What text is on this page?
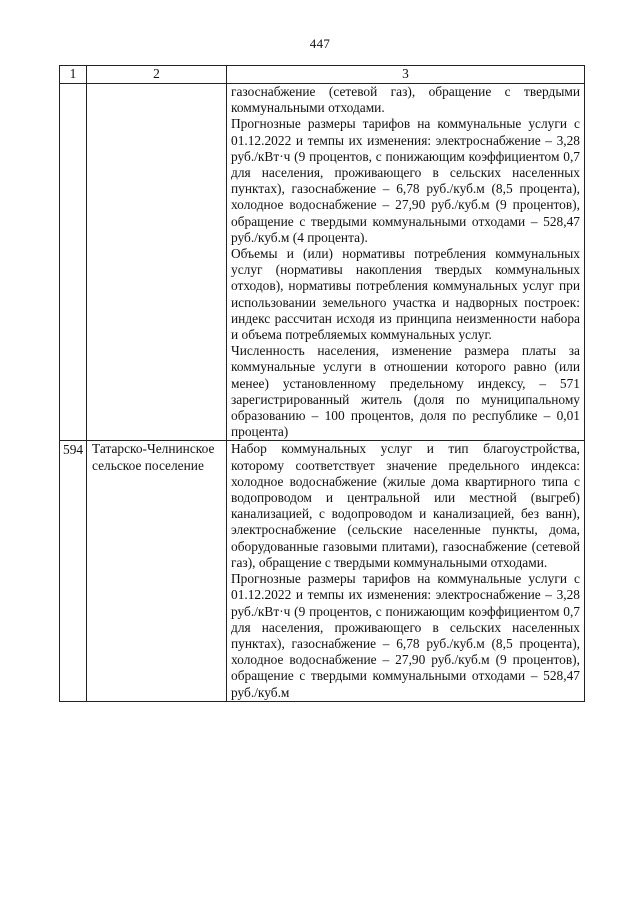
447
1	2	3

		газоснабжение (сетевой газ), обращение с твердыми коммунальными отходами.
Прогнозные размеры тарифов на коммунальные услуги с 01.12.2022 и темпы их изменения: электроснабжение – 3,28 руб./кВт·ч (9 процентов, с понижающим коэффициентом 0,7 для населения, проживающего в сельских населенных пунктах), газоснабжение – 6,78 руб./куб.м (8,5 процента), холодное водоснабжение – 27,90 руб./куб.м (9 процентов), обращение с твердыми коммунальными отходами – 528,47 руб./куб.м (4 процента).
Объемы и (или) нормативы потребления коммунальных услуг (нормативы накопления твердых коммунальных отходов), нормативы потребления коммунальных услуг при использовании земельного участка и надворных построек: индекс рассчитан исходя из принципа неизменности набора и объема потребляемых коммунальных услуг.
Численность населения, изменение размера платы за коммунальные услуги в отношении которого равно (или менее) установленному предельному индексу, – 571 зарегистрированный житель (доля по муниципальному образованию – 100 процентов, доля по республике – 0,01 процента)

594	Татарско-Челнинское сельское поселение	Набор коммунальных услуг и тип благоустройства, которому соответствует значение предельного индекса: холодное водоснабжение (жилые дома квартирного типа с водопроводом и центральной или местной (выгреб) канализацией, с водопроводом и канализацией, без ванн), электроснабжение (сельские населенные пункты, дома, оборудованные газовыми плитами), газоснабжение (сетевой газ), обращение с твердыми коммунальными отходами.
Прогнозные размеры тарифов на коммунальные услуги с 01.12.2022 и темпы их изменения: электроснабжение – 3,28 руб./кВт·ч (9 процентов, с понижающим коэффициентом 0,7 для населения, проживающего в сельских населенных пунктах), газоснабжение – 6,78 руб./куб.м (8,5 процента), холодное водоснабжение – 27,90 руб./куб.м (9 процентов), обращение с твердыми коммунальными отходами – 528,47 руб./куб.м
